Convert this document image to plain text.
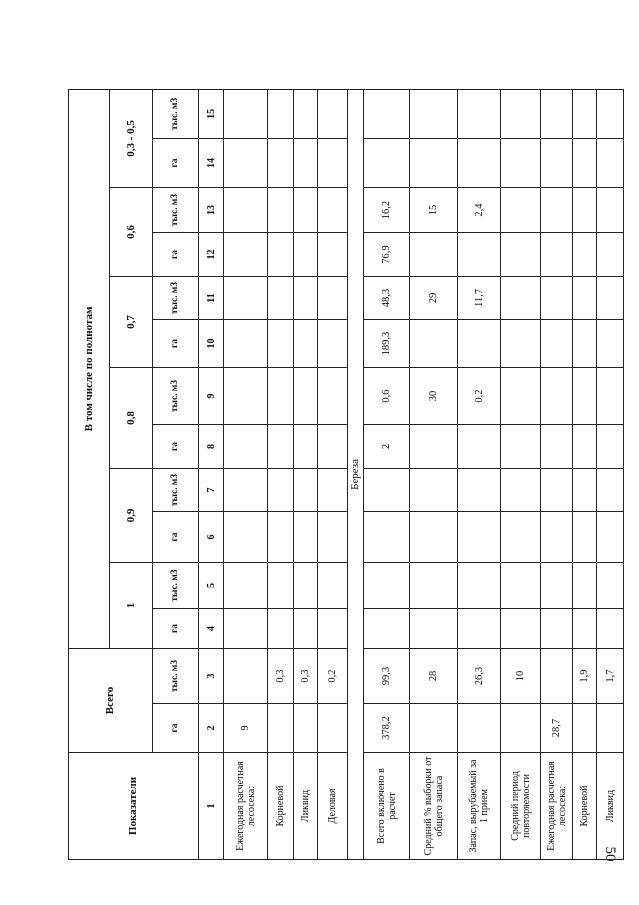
50
Показатели	Всего		В том числе по полнотам											
			1		0,9		0,8		0,7		0,6		0,3 - 0,5	
	га	тыс. м3	га	тыс. м3	га	тыс. м3	га	тыс. м3	га	тыс. м3	га	тыс. м3	га	тыс. м3
1	2	3	4	5	6	7	8	9	10	11	12	13	14	15
Ежегодная расчетная лесосека:	9													
Корневой		0,3												
Ликвид		0,3												
Деловая		0,2												
Береза														
Всего включено в расчет	378,2	99,3					2	0,6	189,3	48,3	76,9	16,2		
Средний % выборки от общего запаса		28						30		29		15		
Запас, вырубаемый за 1 прием		26,3						0,2		11,7		2,4		
Средний период повторяемости		10												
Ежегодная расчетная лесосека:	28,7													
Корневой		1,9												
Ликвид		1,7												
